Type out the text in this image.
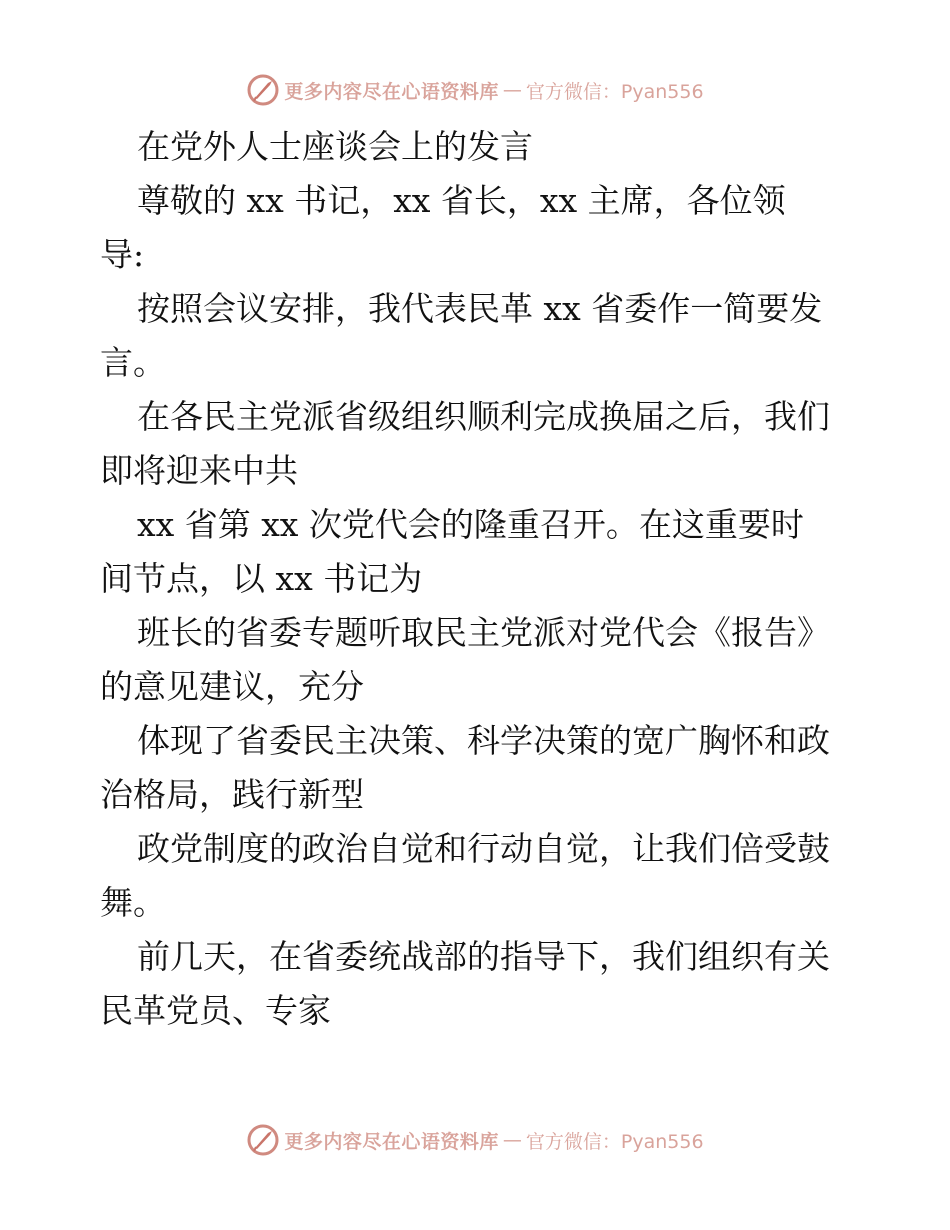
更多内容尽在心语资料库 — 官方微信：Pyan556
在党外人士座谈会上的发言
尊敬的 xx 书记，xx 省长，xx 主席，各位领
导:
按照会议安排，我代表民革 xx 省委作一简要发
言。
在各民主党派省级组织顺利完成换届之后，我们
即将迎来中共
xx 省第 xx 次党代会的隆重召开。在这重要时
间节点，以 xx 书记为
班长的省委专题听取民主党派对党代会《报告》
的意见建议，充分
体现了省委民主决策、科学决策的宽广胸怀和政
治格局，践行新型
政党制度的政治自觉和行动自觉，让我们倍受鼓
舞。
前几天，在省委统战部的指导下，我们组织有关
民革党员、专家
更多内容尽在心语资料库 — 官方微信：Pyan556
